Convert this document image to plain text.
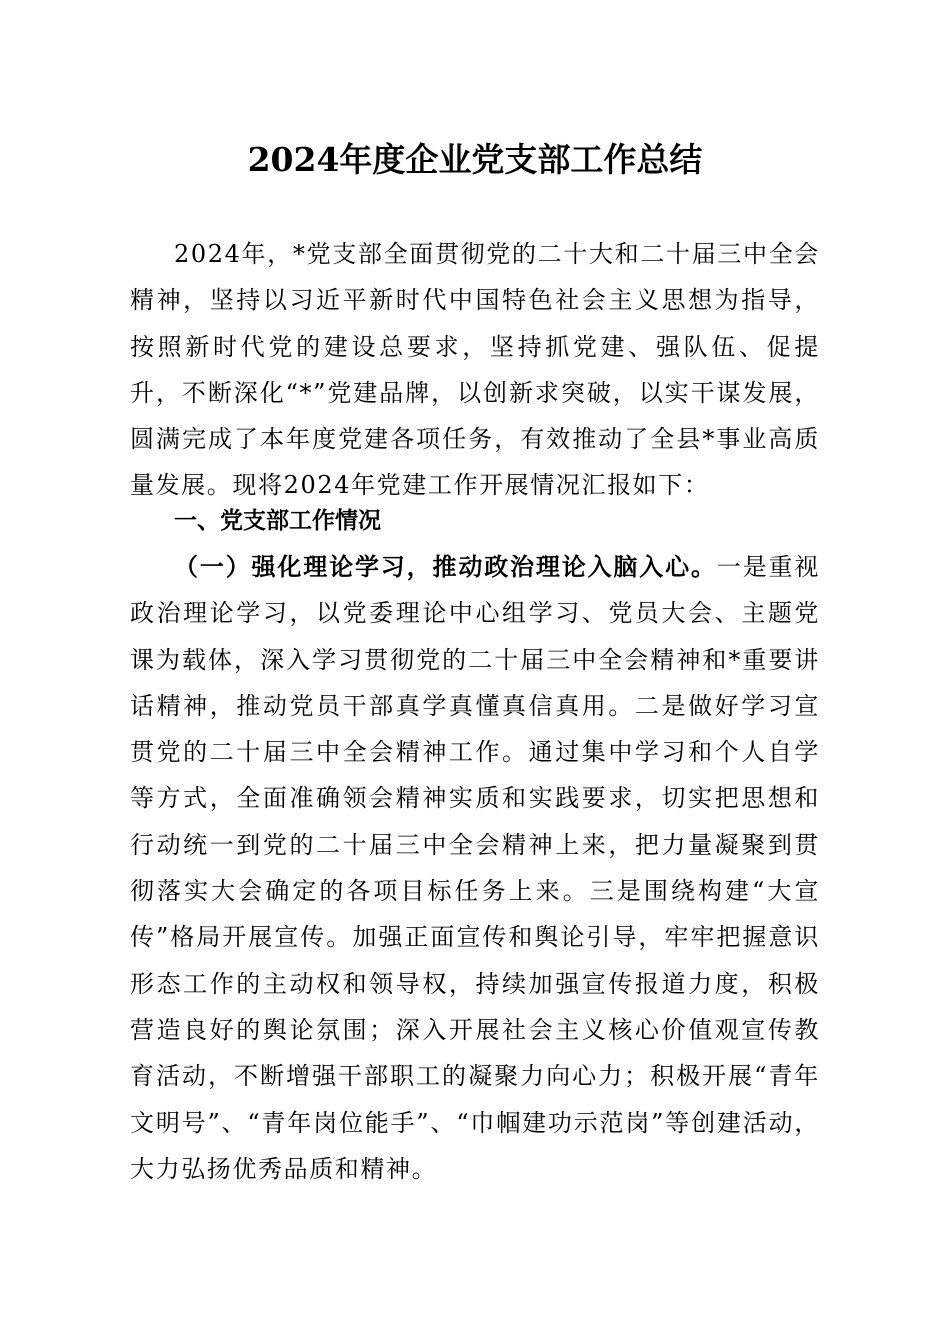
2024年度企业党支部工作总结

2024年，*党支部全面贯彻党的二十大和二十届三中全会精神，坚持以习近平新时代中国特色社会主义思想为指导，按照新时代党的建设总要求，坚持抓党建、强队伍、促提升，不断深化“*”党建品牌，以创新求突破，以实干谋发展，圆满完成了本年度党建各项任务，有效推动了全县*事业高质量发展。现将2024年党建工作开展情况汇报如下：

一、党支部工作情况

（一）强化理论学习，推动政治理论入脑入心。一是重视政治理论学习，以党委理论中心组学习、党员大会、主题党课为载体，深入学习贯彻党的二十届三中全会精神和*重要讲话精神，推动党员干部真学真懂真信真用。二是做好学习宣贯党的二十届三中全会精神工作。通过集中学习和个人自学等方式，全面准确领会精神实质和实践要求，切实把思想和行动统一到党的二十届三中全会精神上来，把力量凝聚到贯彻落实大会确定的各项目标任务上来。三是围绕构建“大宣传”格局开展宣传。加强正面宣传和舆论引导，牢牢把握意识形态工作的主动权和领导权，持续加强宣传报道力度，积极营造良好的舆论氛围；深入开展社会主义核心价值观宣传教育活动，不断增强干部职工的凝聚力向心力；积极开展“青年文明号”、“青年岗位能手”、“巾帼建功示范岗”等创建活动，大力弘扬优秀品质和精神。
